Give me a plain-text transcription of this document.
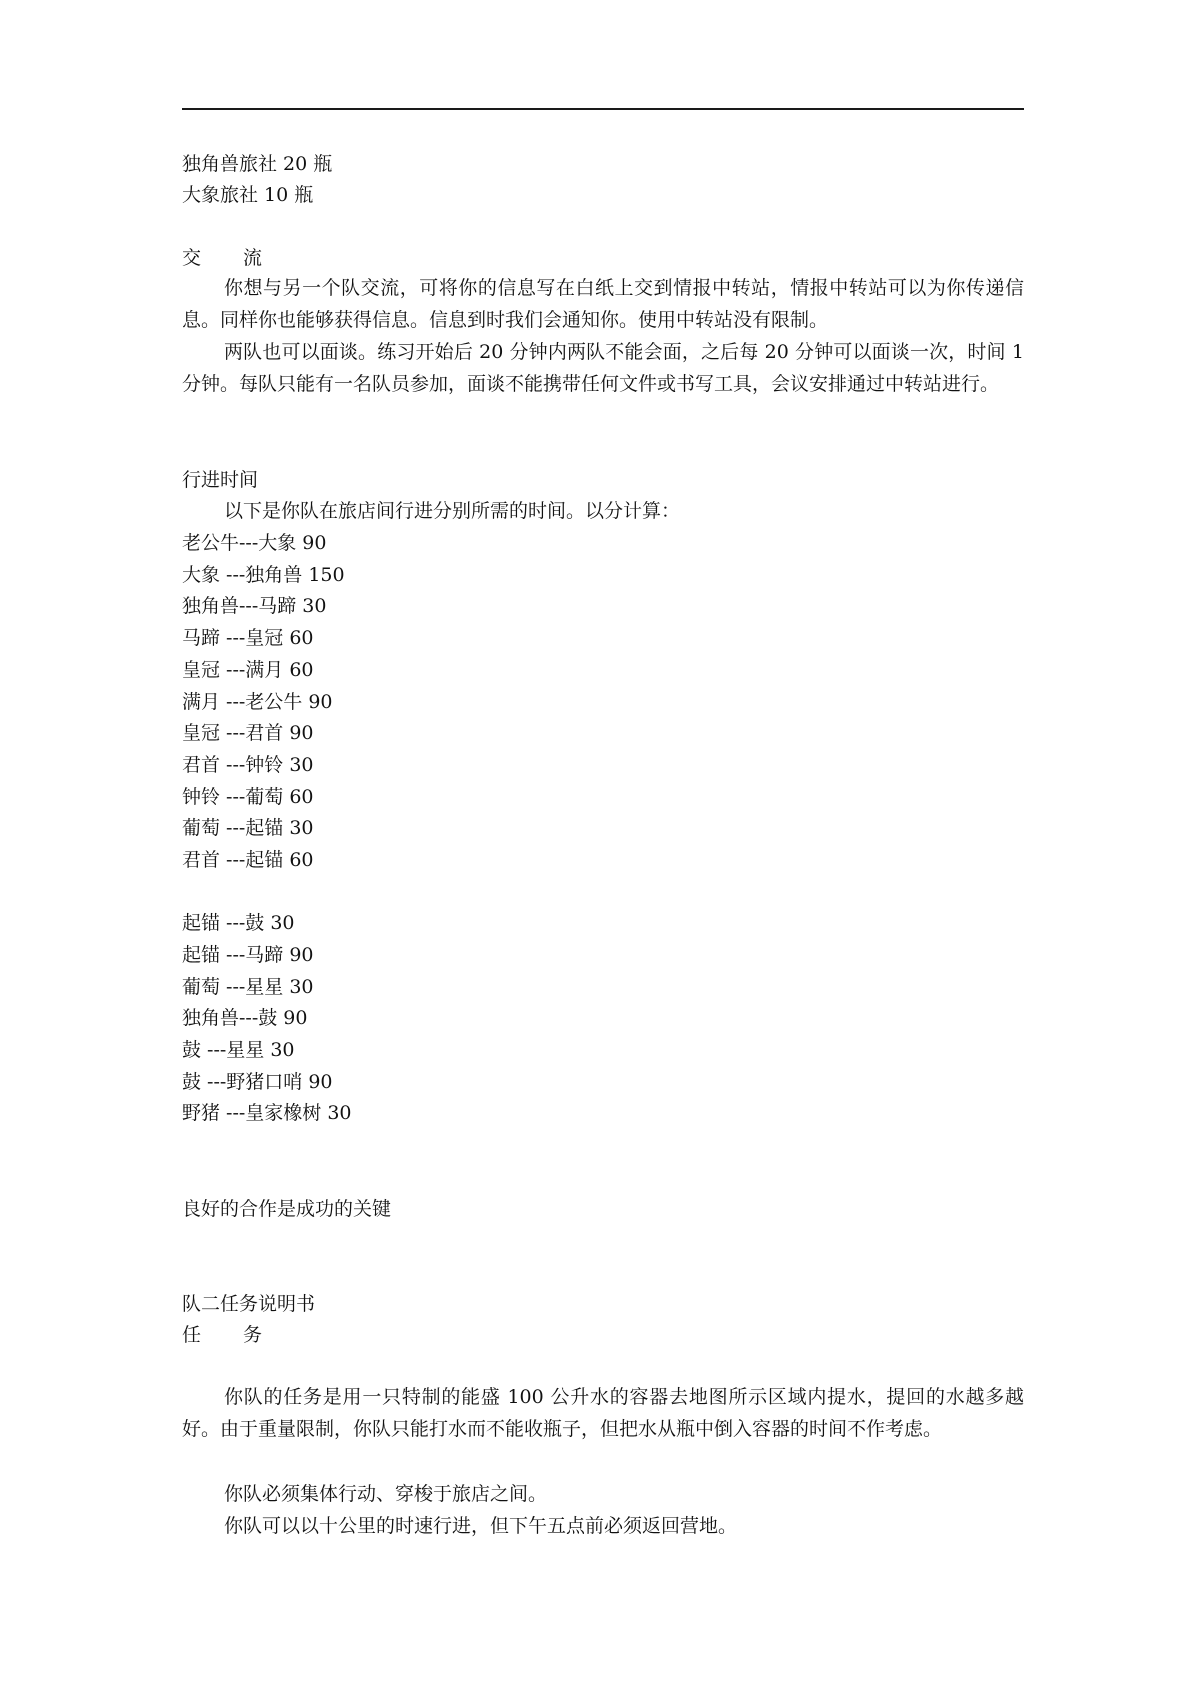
独角兽旅社 20 瓶
大象旅社 10 瓶
交 流
你想与另一个队交流，可将你的信息写在白纸上交到情报中转站，情报中转站可以为你传递信息。同样你也能够获得信息。信息到时我们会通知你。使用中转站没有限制。
两队也可以面谈。练习开始后 20 分钟内两队不能会面，之后每 20 分钟可以面谈一次，时间 1 分钟。每队只能有一名队员参加，面谈不能携带任何文件或书写工具，会议安排通过中转站进行。
行进时间
以下是你队在旅店间行进分别所需的时间。以分计算：
老公牛---大象 90
大象 ---独角兽 150
独角兽---马蹄 30
马蹄 ---皇冠 60
皇冠 ---满月 60
满月 ---老公牛 90
皇冠 ---君首 90
君首 ---钟铃 30
钟铃 ---葡萄 60
葡萄 ---起锚 30
君首 ---起锚 60
起锚 ---鼓 30
起锚 ---马蹄 90
葡萄 ---星星 30
独角兽---鼓 90
鼓 ---星星 30
鼓 ---野猪口哨 90
野猪 ---皇家橡树 30
良好的合作是成功的关键
队二任务说明书
任 务
你队的任务是用一只特制的能盛 100 公升水的容器去地图所示区域内提水，提回的水越多越好。由于重量限制，你队只能打水而不能收瓶子，但把水从瓶中倒入容器的时间不作考虑。
你队必须集体行动、穿梭于旅店之间。
你队可以以十公里的时速行进，但下午五点前必须返回营地。
